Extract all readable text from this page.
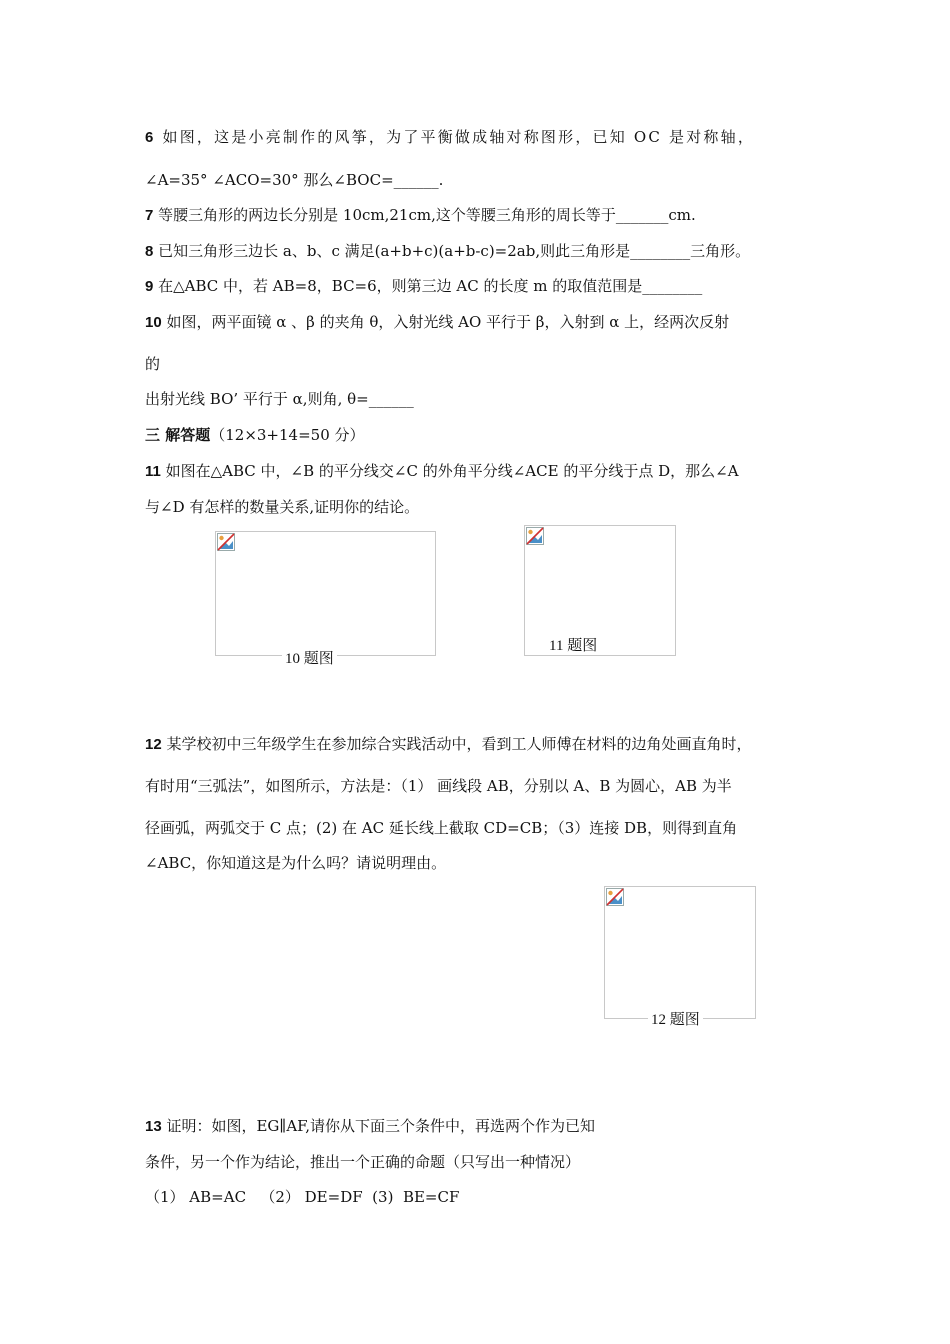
6 如图，这是小亮制作的风筝，为了平衡做成轴对称图形，已知 OC 是对称轴，
∠A=35° ∠ACO=30° 那么∠BOC=______.
7 等腰三角形的两边长分别是 10cm,21cm,这个等腰三角形的周长等于_______cm.
8 已知三角形三边长 a、b、c 满足(a+b+c)(a+b-c)=2ab,则此三角形是________三角形。
9 在△ABC 中，若 AB=8，BC=6，则第三边 AC 的长度 m 的取值范围是________
10 如图，两平面镜 α 、β 的夹角 θ，入射光线 AO 平行于 β，入射到 α 上，经两次反射
的
出射光线 BO’ 平行于 α,则角, θ=______
三 解答题（12×3+14=50 分）
11 如图在△ABC 中，∠B 的平分线交∠C 的外角平分线∠ACE 的平分线于点 D，那么∠A
与∠D 有怎样的数量关系,证明你的结论。
10 题图
11 题图
12 某学校初中三年级学生在参加综合实践活动中，看到工人师傅在材料的边角处画直角时，
有时用“三弧法”，如图所示，方法是：（1） 画线段 AB，分别以 A、B 为圆心，AB 为半
径画弧，两弧交于 C 点；(2) 在 AC 延长线上截取 CD=CB；（3）连接 DB，则得到直角
∠ABC，你知道这是为什么吗？请说明理由。
12 题图
13 证明：如图，EG∥AF,请你从下面三个条件中，再选两个作为已知
条件，另一个作为结论，推出一个正确的命题（只写出一种情况）
（1） AB=AC   （2） DE=DF  (3)  BE=CF
